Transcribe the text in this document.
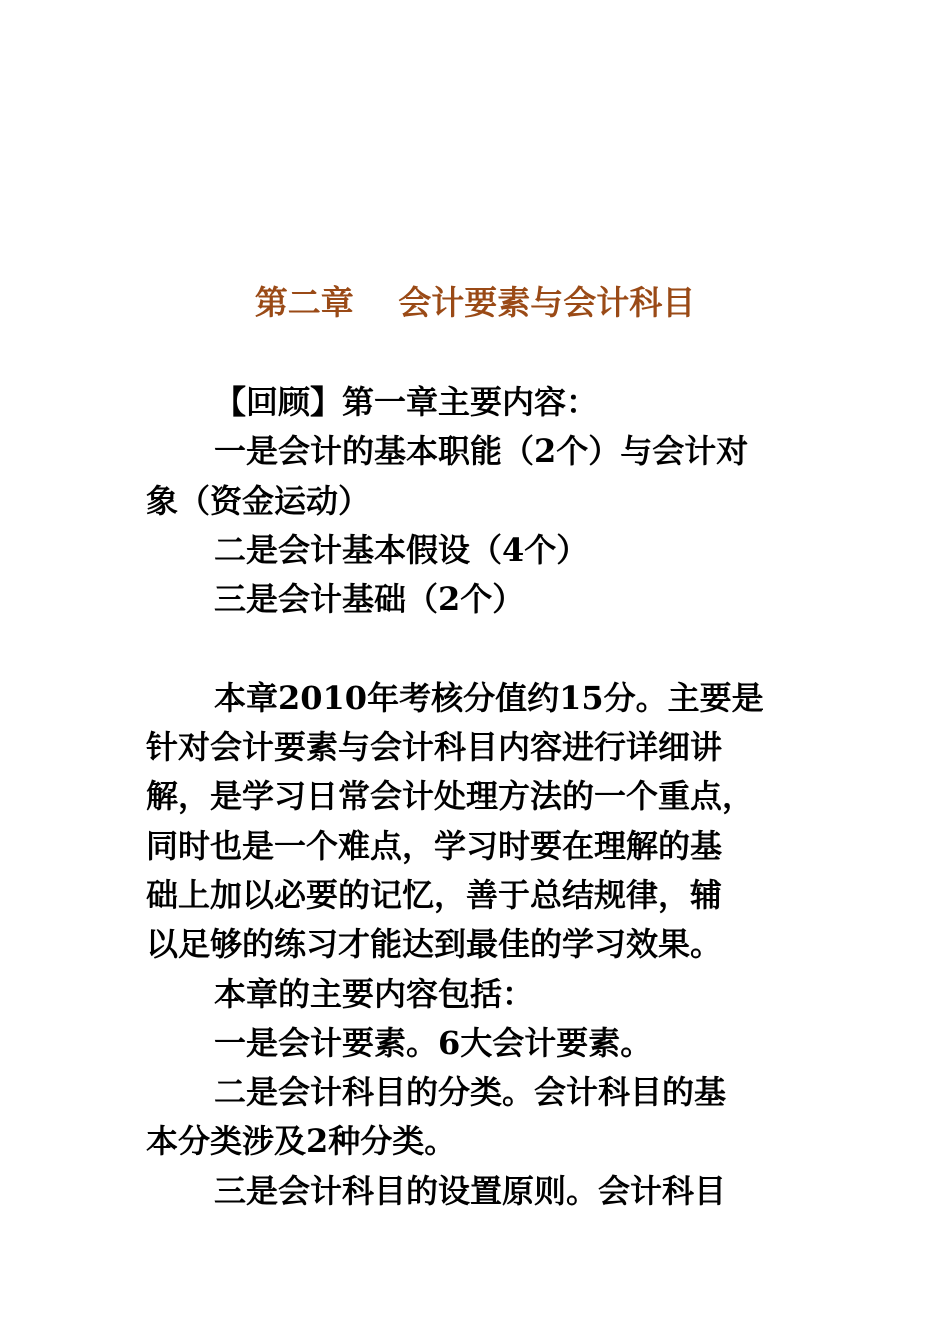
第二章　 会计要素与会计科目

【回顾】第一章主要内容：

一是会计的基本职能（2个）与会计对

象（资金运动）

二是会计基本假设（4个）

三是会计基础（2个）

本章2010年考核分值约15分。主要是

针对会计要素与会计科目内容进行详细讲

解，是学习日常会计处理方法的一个重点，

同时也是一个难点，学习时要在理解的基

础上加以必要的记忆，善于总结规律，辅

以足够的练习才能达到最佳的学习效果。

本章的主要内容包括：

一是会计要素。6大会计要素。

二是会计科目的分类。会计科目的基

本分类涉及2种分类。

三是会计科目的设置原则。会计科目
